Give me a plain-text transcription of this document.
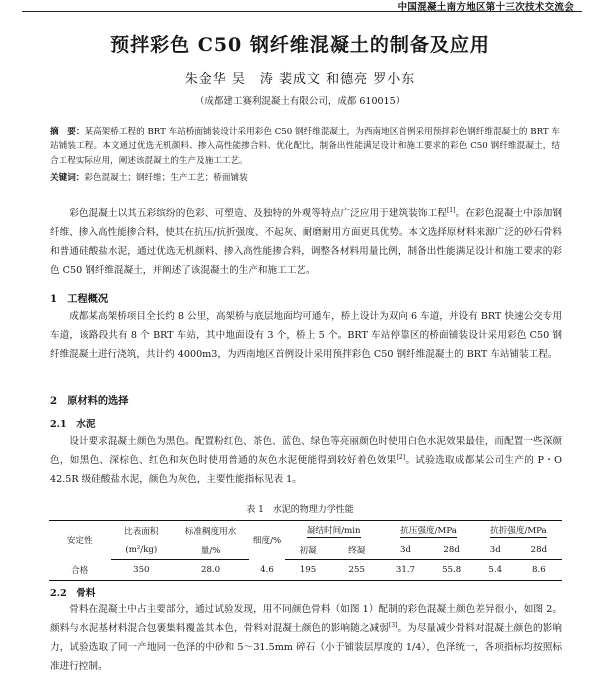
中国混凝土南方地区第十三次技术交流会
预拌彩色 C50 钢纤维混凝土的制备及应用
朱金华 吴　涛 裴成文 和德亮 罗小东
（成都建工赛利混凝土有限公司，成都 610015）
摘　要：某高架桥工程的 BRT 车站桥面铺装设计采用彩色 C50 钢纤维混凝土，为西南地区首例采用预拌彩色钢纤维混凝土的 BRT 车站铺装工程。本文通过优选无机颜料、掺入高性能掺合料、优化配比，制备出性能满足设计和施工要求的彩色 C50 钢纤维混凝土，结合工程实际应用，阐述该混凝土的生产及施工工艺。
关键词：彩色混凝土；钢纤维；生产工艺；桥面铺装
彩色混凝土以其五彩缤纷的色彩、可塑造、及独特的外观等特点广泛应用于建筑装饰工程[1]。在彩色混凝土中添加钢纤维、掺入高性能掺合料，使其在抗压/抗折强度、不起灰、耐磨耐用方面更具优势。本文选择原材料来源广泛的砂石骨料和普通硅酸盐水泥，通过优选无机颜料、掺入高性能掺合料，调整各材料用量比例，制备出性能满足设计和施工要求的彩色 C50 钢纤维混凝土，并阐述了该混凝土的生产和施工工艺。
1　工程概况
成都某高架桥项目全长约 8 公里，高架桥与底层地面均可通车，桥上设计为双向 6 车道，并设有 BRT 快速公交专用车道，该路段共有 8 个 BRT 车站，其中地面设有 3 个，桥上 5 个。BRT 车站停靠区的桥面铺装设计采用彩色 C50 钢纤维混凝土进行浇筑，共计约 4000m3，为西南地区首例设计采用预拌彩色 C50 钢纤维混凝土的 BRT 车站铺装工程。
2　原材料的选择
2.1　水泥
设计要求混凝土颜色为黑色。配置粉红色、茶色、蓝色、绿色等亮丽颜色时使用白色水泥效果最佳，而配置一些深颜色，如黑色、深棕色、红色和灰色时使用普通的灰色水泥便能得到较好着色效果[2]。试验选取成都某公司生产的 P・O 42.5R 级硅酸盐水泥，颜色为灰色，主要性能指标见表 1。
表 1　水泥的物理力学性能
安定性	比表面积	标准稠度用水	细度/%	凝结时间/min		抗压强度/MPa		抗折强度/MPa	
	(m²/kg)	量/%		初凝	终凝	3d	28d	3d	28d
合格	350	28.0	4.6	195	255	31.7	55.8	5.4	8.6
2.2　骨料
骨料在混凝土中占主要部分，通过试验发现，用不同颜色骨料（如图 1）配制的彩色混凝土颜色差异很小，如图 2。颜料与水泥基材料混合包裹集料覆盖其本色，骨料对混凝土颜色的影响随之减弱[3]。为尽量减少骨料对混凝土颜色的影响力，试验选取了同一产地同一色泽的中砂和 5～31.5mm 碎石（小于铺装层厚度的 1/4），色泽统一，各项指标均按照标准进行控制。
